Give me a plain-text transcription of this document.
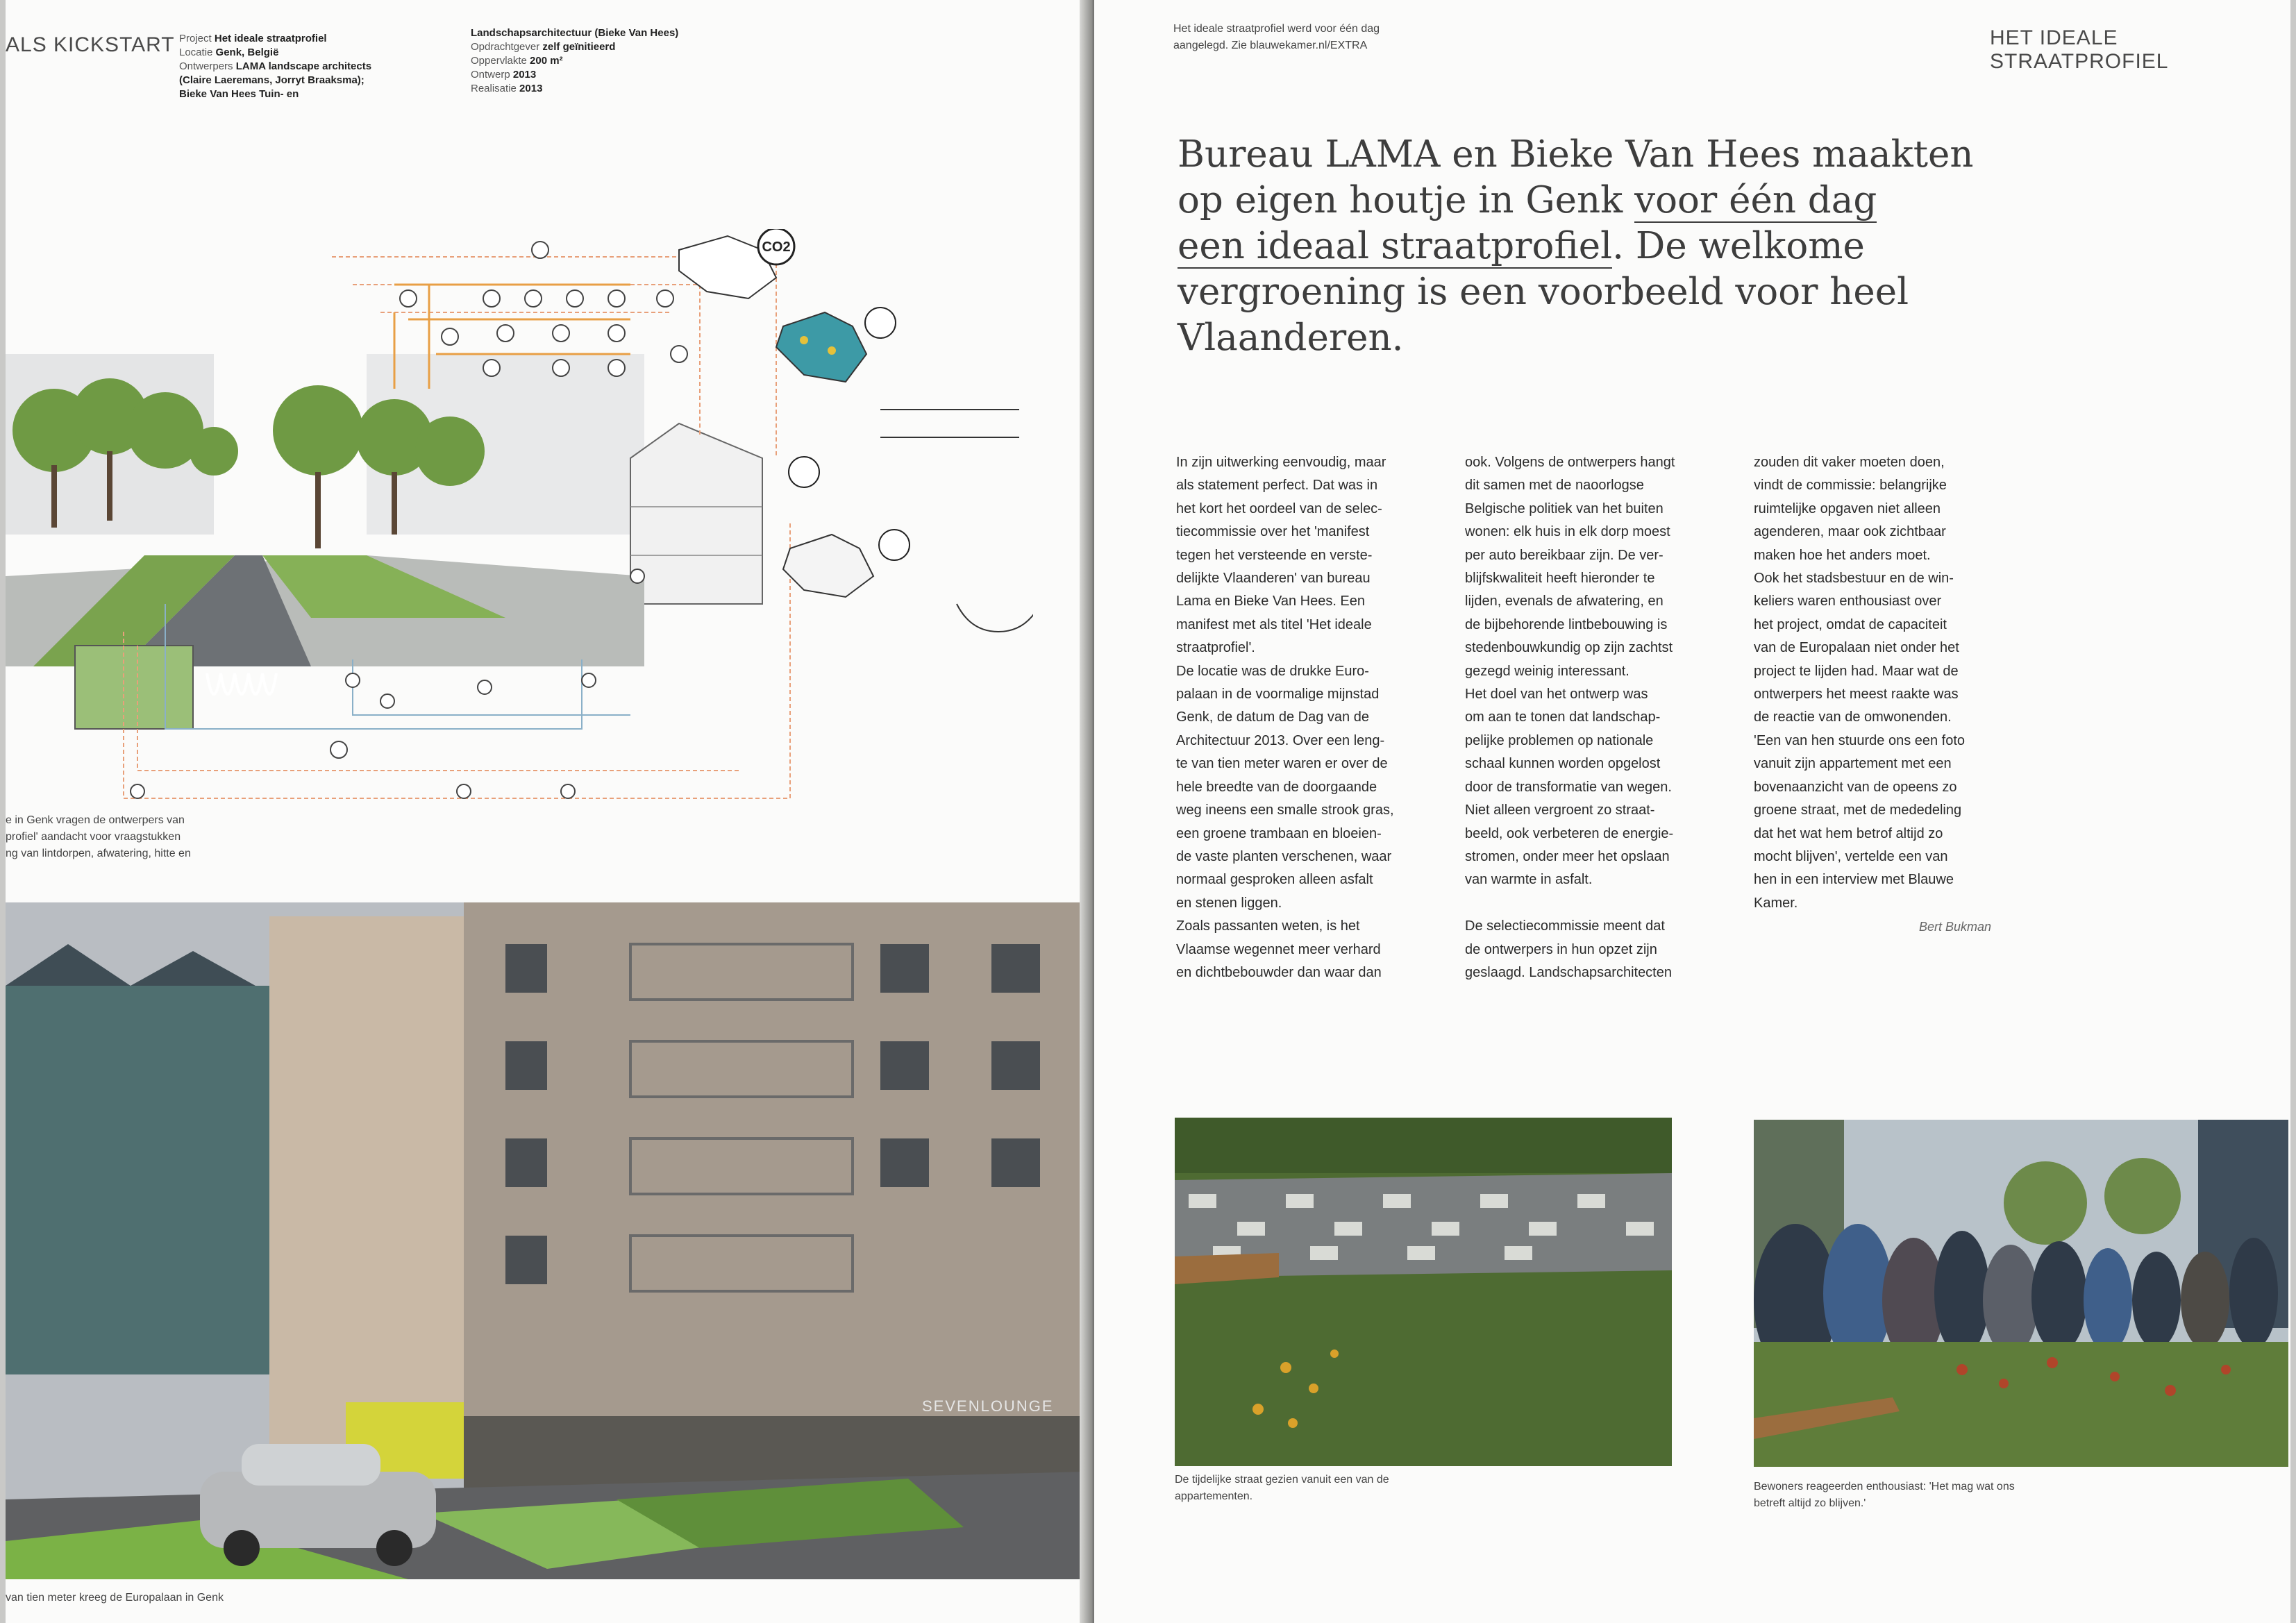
ALS KICKSTART Project Het ideale straatprofiel
Locatie Genk, België
Ontwerpers LAMA landscape architects
(Claire Laeremans, Jorryt Braaksma);
Bieke Van Hees Tuin- en
Landschapsarchitectuur (Bieke Van Hees)
Opdrachtgever zelf geïnitieerd
Oppervlakte 200 m²
Ontwerp 2013
Realisatie 2013
CO2
e in Genk vragen de ontwerpers van
profiel' aandacht voor vraagstukken
ng van lintdorpen, afwatering, hitte en
SEVENLOUNGE
van tien meter kreeg de Europalaan in Genk
Het ideale straatprofiel werd voor één dag
aangelegd. Zie blauwekamer.nl/EXTRA	HET IDEALE STRAATPROFIEL
Bureau LAMA en Bieke Van Hees maakten
op eigen houtje in Genk voor één dag
een ideaal straatprofiel. De welkome
vergroening is een voorbeeld voor heel
Vlaanderen.

In zijn uitwerking eenvoudig, maar

als statement perfect. Dat was in

het kort het oordeel van de selec-

tiecommissie over het 'manifest

tegen het versteende en verste-

delijkte Vlaanderen' van bureau

Lama en Bieke Van Hees. Een

manifest met als titel 'Het ideale

straatprofiel'.

De locatie was de drukke Euro-

palaan in de voormalige mijnstad

Genk, de datum de Dag van de

Architectuur 2013. Over een leng-

te van tien meter waren er over de

hele breedte van de doorgaande

weg ineens een smalle strook gras,

een groene trambaan en bloeien-

de vaste planten verschenen, waar

normaal gesproken alleen asfalt

en stenen liggen.

Zoals passanten weten, is het

Vlaamse wegennet meer verhard

en dichtbebouwder dan waar dan

ook. Volgens de ontwerpers hangt

dit samen met de naoorlogse

Belgische politiek van het buiten

wonen: elk huis in elk dorp moest

per auto bereikbaar zijn. De ver-

blijfskwaliteit heeft hieronder te

lijden, evenals de afwatering, en

de bijbehorende lintbebouwing is

stedenbouwkundig op zijn zachtst

gezegd weinig interessant.

Het doel van het ontwerp was

om aan te tonen dat landschap-

pelijke problemen op nationale

schaal kunnen worden opgelost

door de transformatie van wegen.

Niet alleen vergroent zo straat-

beeld, ook verbeteren de energie-

stromen, onder meer het opslaan

van warmte in asfalt.

De selectiecommissie meent dat

de ontwerpers in hun opzet zijn

geslaagd. Landschapsarchitecten

zouden dit vaker moeten doen,

vindt de commissie: belangrijke

ruimtelijke opgaven niet alleen

agenderen, maar ook zichtbaar

maken hoe het anders moet.

Ook het stadsbestuur en de win-

keliers waren enthousiast over

het project, omdat de capaciteit

van de Europalaan niet onder het

project te lijden had. Maar wat de

ontwerpers het meest raakte was

de reactie van de omwonenden.

'Een van hen stuurde ons een foto

vanuit zijn appartement met een

bovenaanzicht van de opeens zo

groene straat, met de mededeling

dat het wat hem betrof altijd zo

mocht blijven', vertelde een van

hen in een interview met Blauwe

Kamer.

Bert Bukman
De tijdelijke straat gezien vanuit een van de
appartementen.
Bewoners reageerden enthousiast: 'Het mag wat ons
betreft altijd zo blijven.'
